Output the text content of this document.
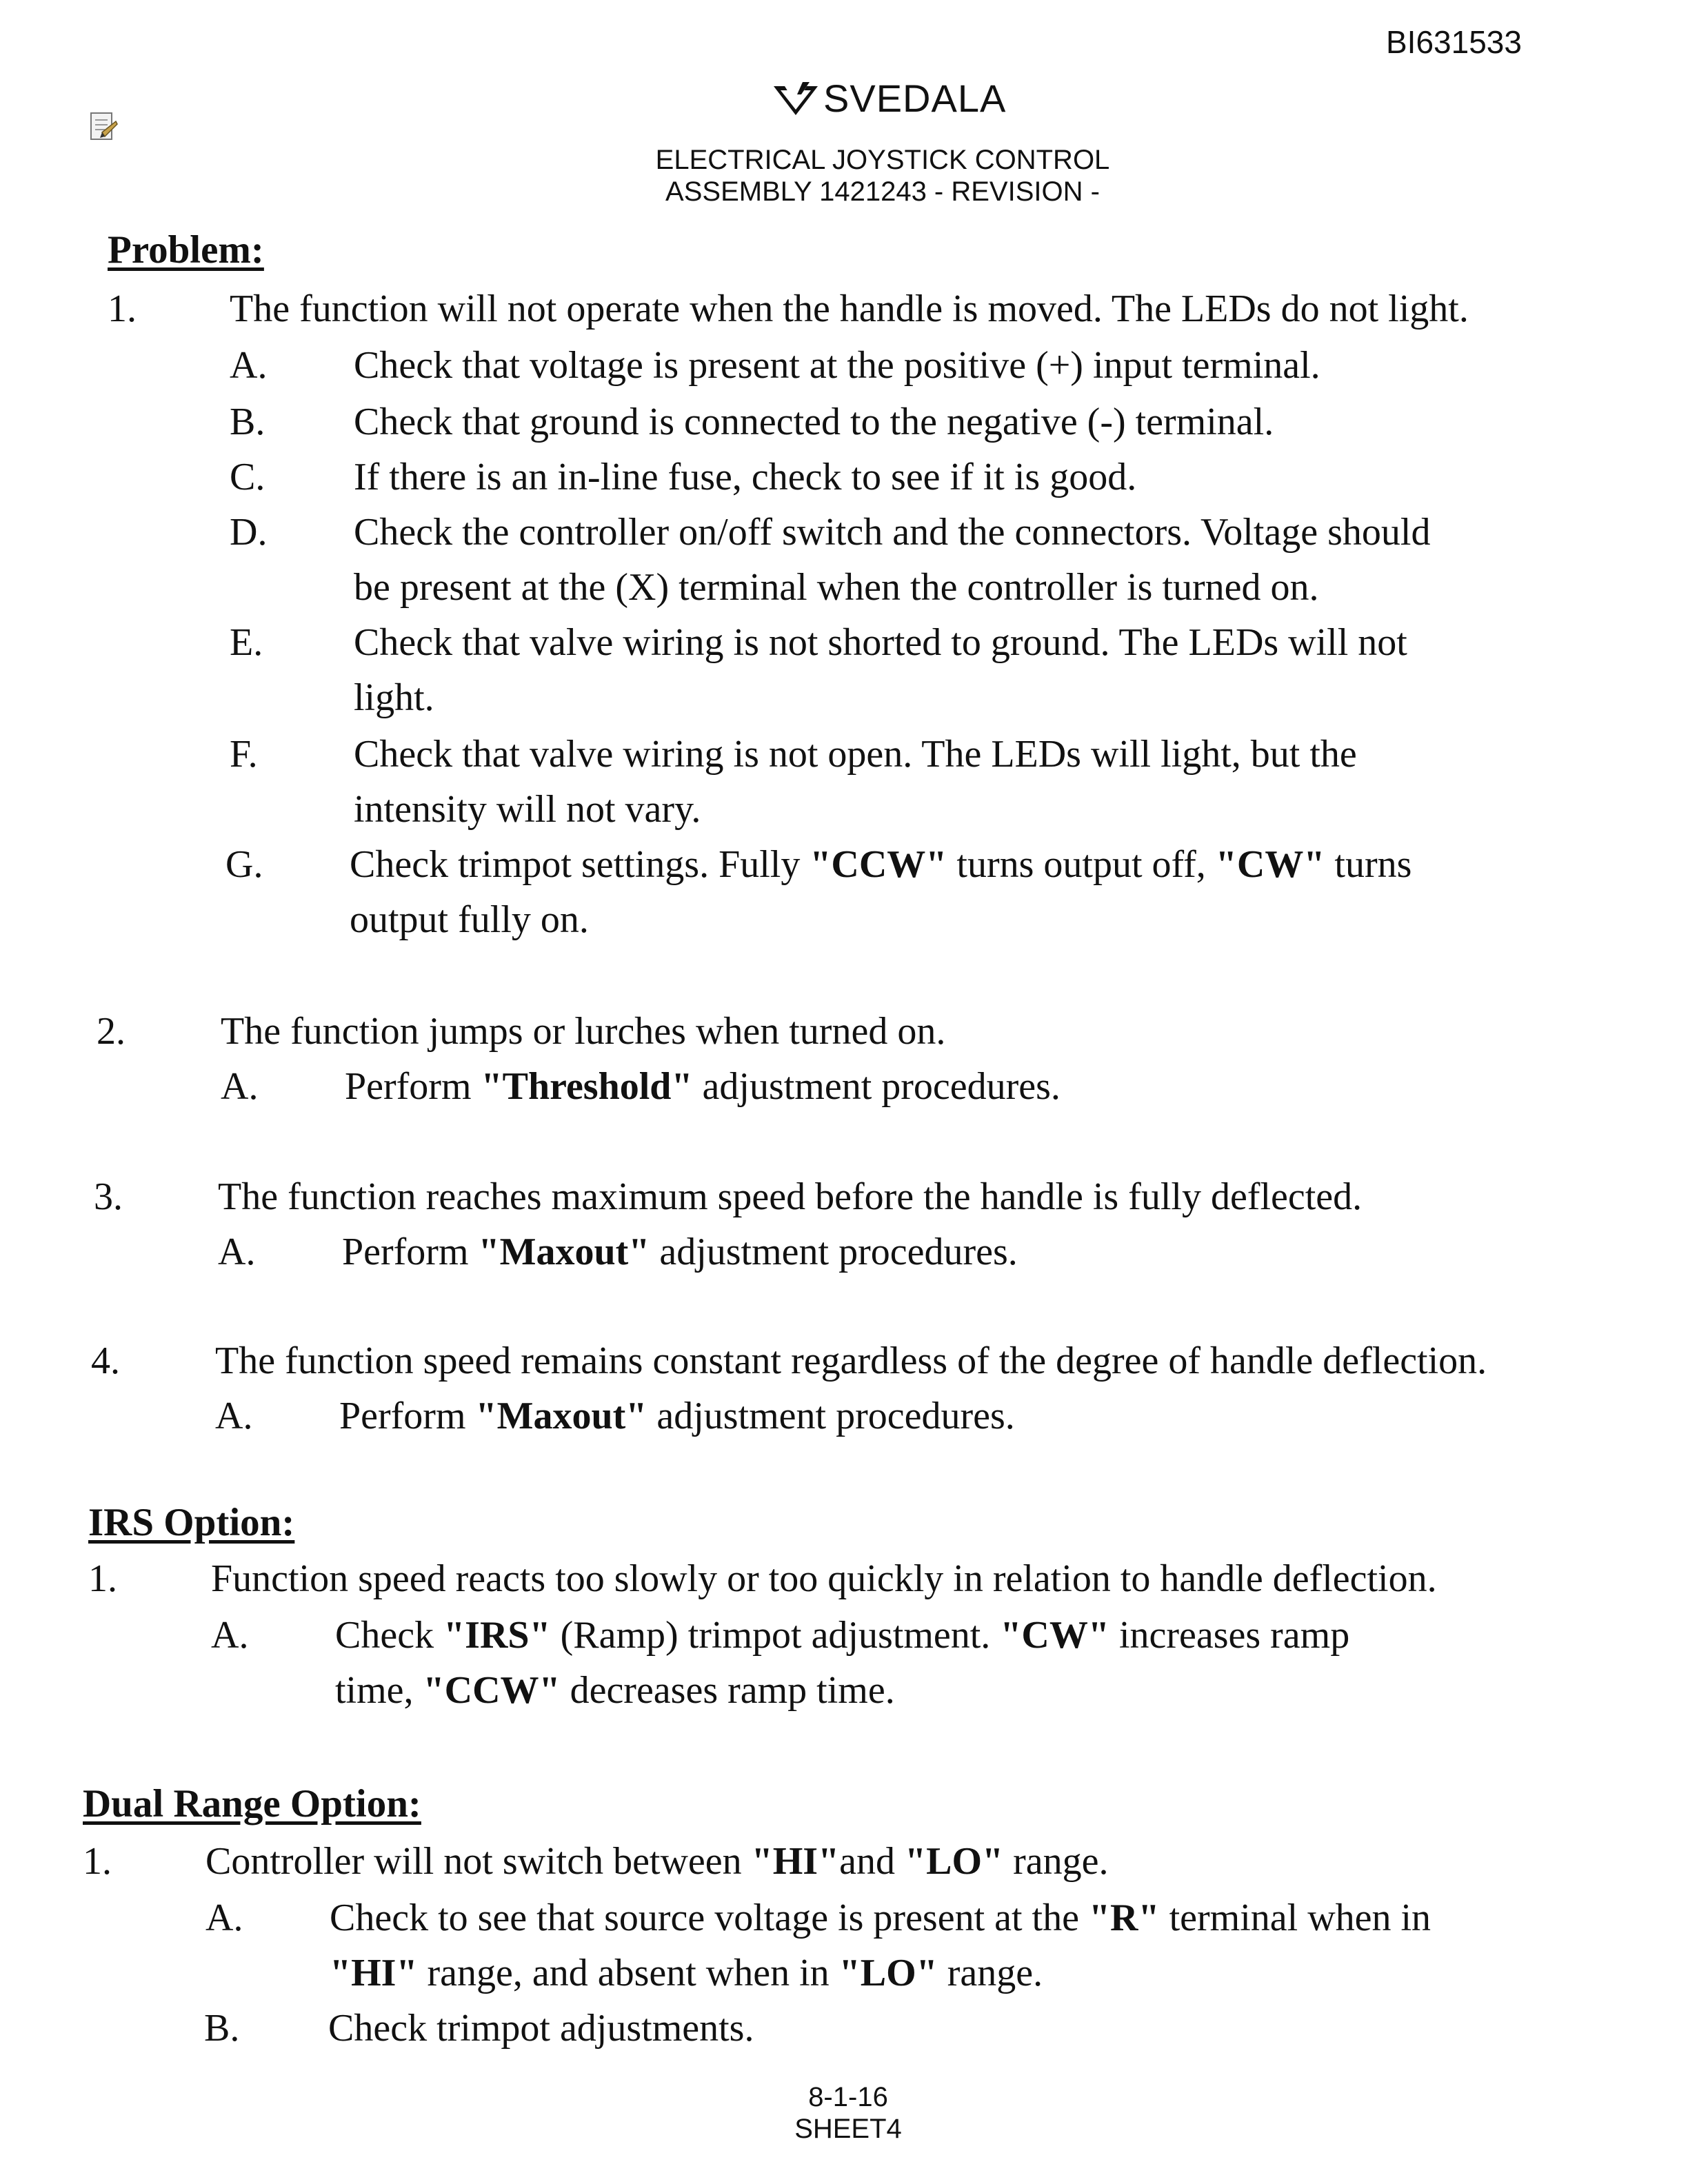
BI631533
SVEDALA
ELECTRICAL JOYSTICK CONTROL
ASSEMBLY 1421243 - REVISION -
Problem:
1. The function will not operate when the handle is moved. The LEDs do not light.
A. Check that voltage is present at the positive (+) input terminal.
B. Check that ground is connected to the negative (-) terminal.
C. If there is an in-line fuse, check to see if it is good.
D. Check the controller on/off switch and the connectors. Voltage should
be present at the (X) terminal when the controller is turned on.
E. Check that valve wiring is not shorted to ground. The LEDs will not
light.
F. Check that valve wiring is not open. The LEDs will light, but the
intensity will not vary.
G. Check trimpot settings. Fully "CCW" turns output off, "CW" turns
output fully on.
2. The function jumps or lurches when turned on.
A. Perform "Threshold" adjustment procedures.
3. The function reaches maximum speed before the handle is fully deflected.
A. Perform "Maxout" adjustment procedures.
4. The function speed remains constant regardless of the degree of handle deflection.
A. Perform "Maxout" adjustment procedures.
IRS Option:
1. Function speed reacts too slowly or too quickly in relation to handle deflection.
A. Check "IRS" (Ramp) trimpot adjustment. "CW" increases ramp
time, "CCW" decreases ramp time.
Dual Range Option:
1. Controller will not switch between "HI"and "LO" range.
A. Check to see that source voltage is present at the "R" terminal when in
"HI" range, and absent when in "LO" range.
B. Check trimpot adjustments.
8-1-16
SHEET4
